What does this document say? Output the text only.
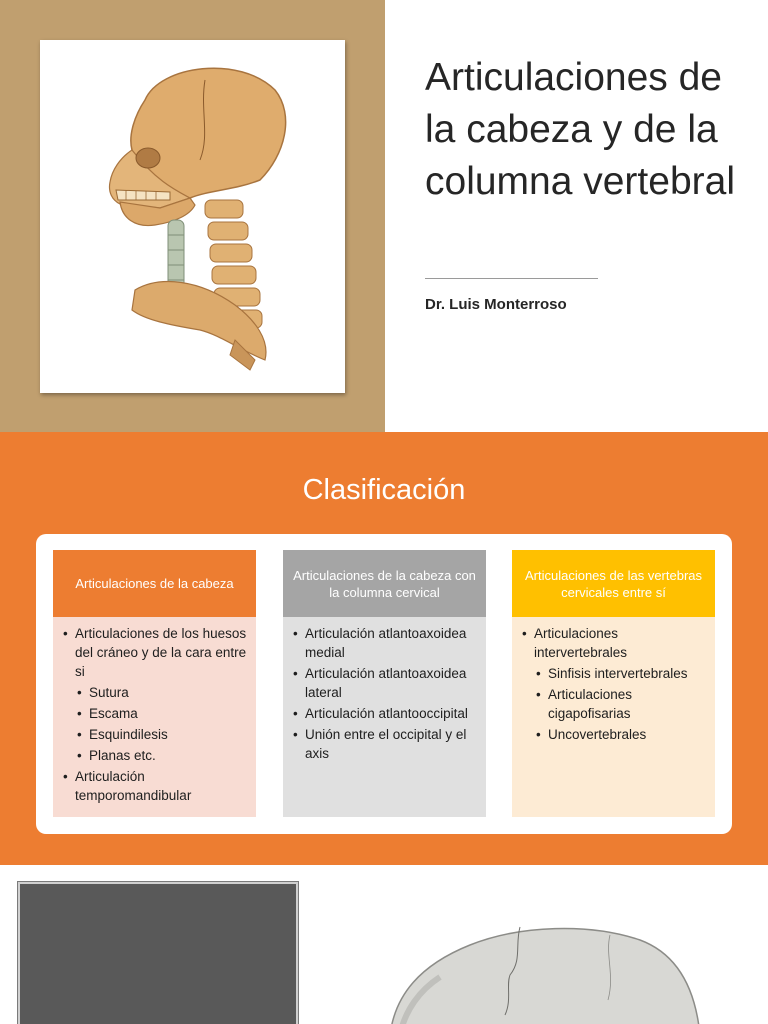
Articulaciones de la cabeza y de la columna vertebral
Dr. Luis Monterroso
Clasificación
Articulaciones de la cabeza
• Articulaciones de los huesos del cráneo y de la cara entre si
• Sutura
• Escama
• Esquindilesis
• Planas etc.
• Articulación temporomandibular
Articulaciones de la cabeza con la columna cervical
• Articulación atlantoaxoidea medial
• Articulación atlantoaxoidea lateral
• Articulación atlantooccipital
• Unión entre el occipital y el axis
Articulaciones de las vertebras cervicales entre sí
• Articulaciones intervertebrales
• Sinfisis intervertebrales
• Articulaciones cigapofisarias
• Uncovertebrales
